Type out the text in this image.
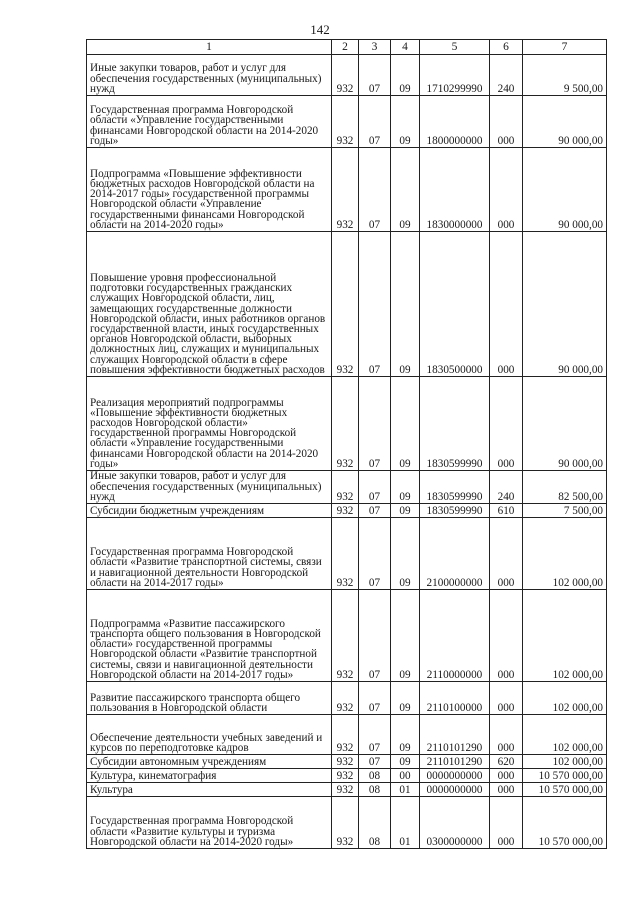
142
1	2	3	4	5	6	7
Иные закупки товаров, работ и услуг для обеспечения государственных (муниципальных) нужд	932	07	09	1710299990	240	9 500,00
Государственная программа Новгородской области «Управление государственными финансами Новгородской области на 2014-2020 годы»	932	07	09	1800000000	000	90 000,00
Подпрограмма «Повышение эффективности бюджетных расходов Новгородской области на 2014-2017 годы» государственной программы Новгородской области «Управление государственными финансами Новгородской области на 2014-2020 годы»	932	07	09	1830000000	000	90 000,00
Повышение уровня профессиональной подготовки государственных гражданских служащих Новгородской области, лиц, замещающих государственные должности Новгородской области, иных работников органов государственной власти, иных государственных органов Новгородской области, выборных должностных лиц, служащих и муниципальных служащих Новгородской области в сфере повышения эффективности бюджетных расходов	932	07	09	1830500000	000	90 000,00
Реализация мероприятий подпрограммы «Повышение эффективности бюджетных расходов Новгородской области» государственной программы Новгородской области «Управление государственными финансами Новгородской области на 2014-2020 годы»	932	07	09	1830599990	000	90 000,00
Иные закупки товаров, работ и услуг для обеспечения государственных (муниципальных) нужд	932	07	09	1830599990	240	82 500,00
Субсидии бюджетным учреждениям	932	07	09	1830599990	610	7 500,00
Государственная программа Новгородской области «Развитие транспортной системы, связи и навигационной деятельности Новгородской области на 2014-2017 годы»	932	07	09	2100000000	000	102 000,00
Подпрограмма «Развитие пассажирского транспорта общего пользования в Новгородской области» государственной программы Новгородской области «Развитие транспортной системы, связи и навигационной деятельности Новгородской области на 2014-2017 годы»	932	07	09	2110000000	000	102 000,00
Развитие пассажирского транспорта общего пользования в Новгородской области	932	07	09	2110100000	000	102 000,00
Обеспечение деятельности учебных заведений и курсов по переподготовке кадров	932	07	09	2110101290	000	102 000,00
Субсидии автономным учреждениям	932	07	09	2110101290	620	102 000,00
Культура, кинематография	932	08	00	0000000000	000	10 570 000,00
Культура	932	08	01	0000000000	000	10 570 000,00
Государственная программа Новгородской области «Развитие культуры и туризма Новгородской области на 2014-2020 годы»	932	08	01	0300000000	000	10 570 000,00
